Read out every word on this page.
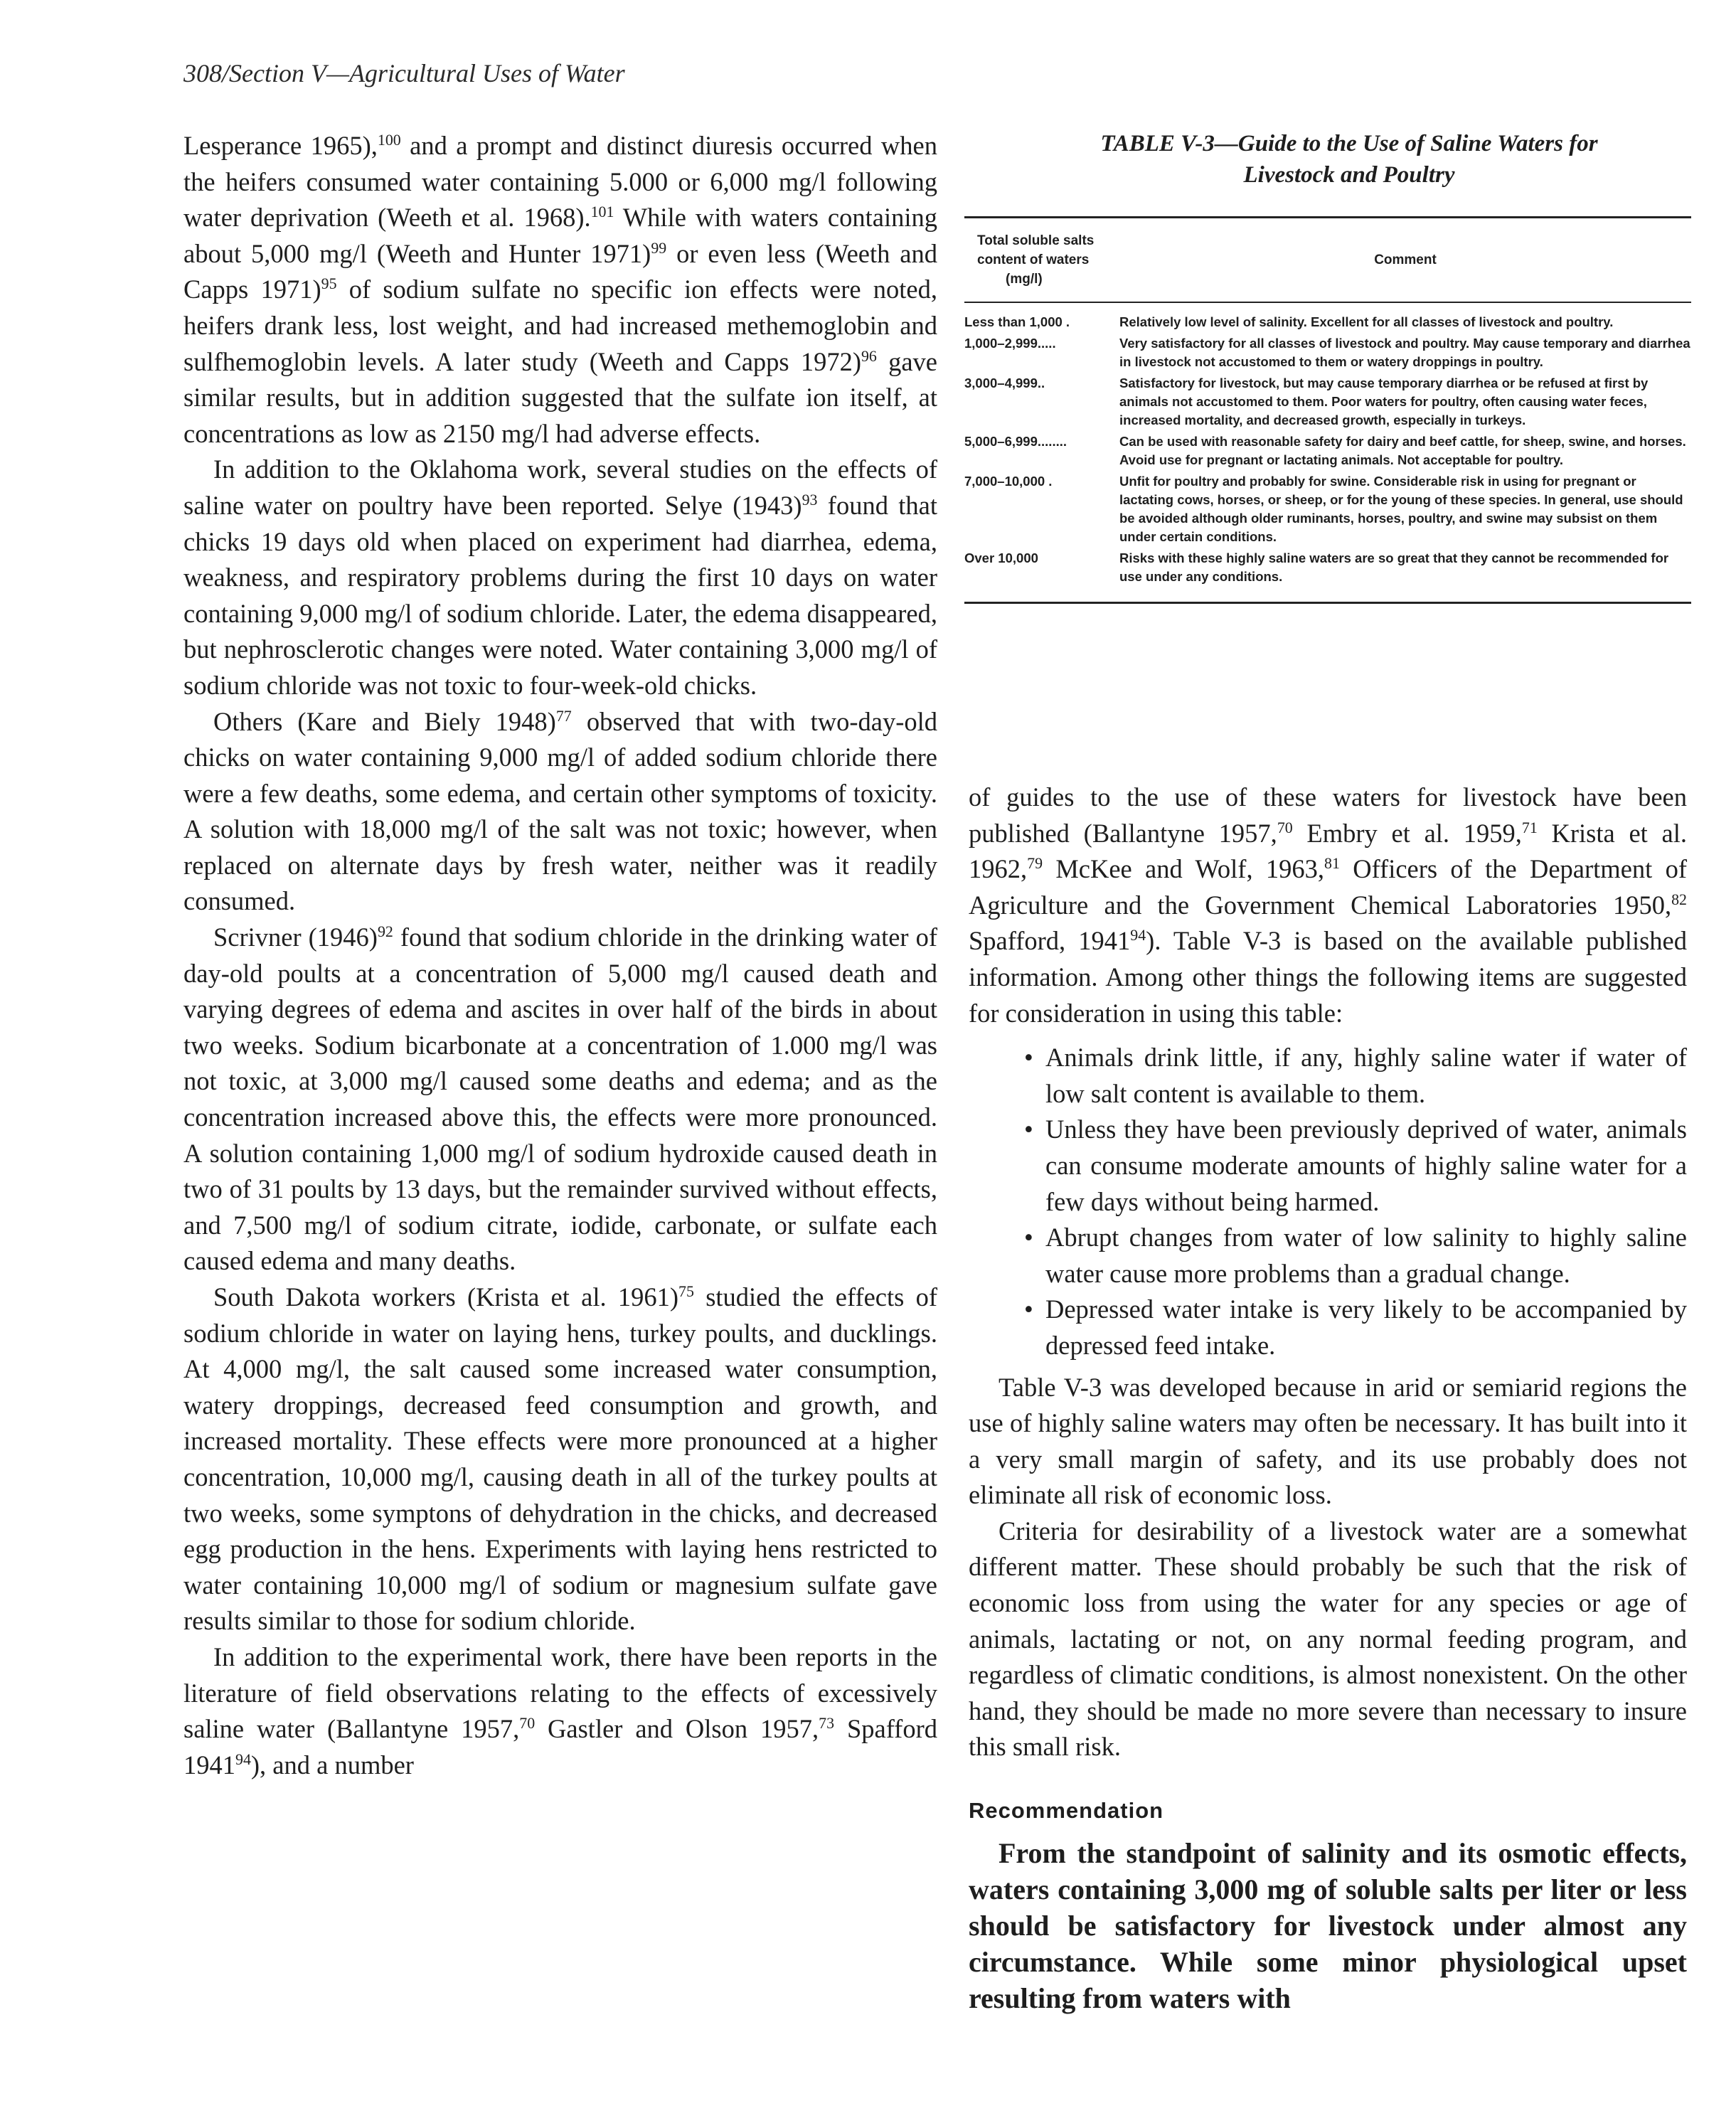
308/Section V—Agricultural Uses of Water

Lesperance 1965),$^{100}$ and a prompt and distinct diuresis occurred when the heifers consumed water containing 5.000 or 6,000 mg/l following water deprivation (Weeth et al. 1968).$^{101}$ While with waters containing about 5,000 mg/l (Weeth and Hunter 1971)$^{99}$ or even less (Weeth and Capps 1971)$^{95}$ of sodium sulfate no specific ion effects were noted, heifers drank less, lost weight, and had increased methemoglobin and sulfhemoglobin levels. A later study (Weeth and Capps 1972)$^{96}$ gave similar results, but in addition suggested that the sulfate ion itself, at concentrations as low as 2150 mg/l had adverse effects.

In addition to the Oklahoma work, several studies on the effects of saline water on poultry have been reported. Selye $(1943)^{93}$ found that chicks 19 days old when placed on experiment had diarrhea, edema, weakness, and respiratory problems during the first 10 days on water containing 9,000 mg/l of sodium chloride. Later, the edema disappeared, but nephrosclerotic changes were noted. Water containing 3,000 mg/l of sodium chloride was not toxic to four-week-old chicks.

Others (Kare and Biely 1948)$^{77}$ observed that with two-day-old chicks on water containing 9,000 mg/l of added sodium chloride there were a few deaths, some edema, and certain other symptoms of toxicity. A solution with 18,000 mg/l of the salt was not toxic; however, when replaced on alternate days by fresh water, neither was it readily consumed.

Scrivner $(1946)^{92}$ found that sodium chloride in the drinking water of day-old poults at a concentration of 5,000 mg/l caused death and varying degrees of edema and ascites in over half of the birds in about two weeks. Sodium bicarbonate at a concentration of 1.000 mg/l was not toxic, at 3,000 mg/l caused some deaths and edema; and as the concentration increased above this, the effects were more pronounced. A solution containing 1,000 mg/l of sodium hydroxide caused death in two of 31 poults by 13 days, but the remainder survived without effects, and 7,500 mg/l of sodium citrate, iodide, carbonate, or sulfate each caused edema and many deaths.

South Dakota workers (Krista et al. 1961)$^{75}$ studied the effects of sodium chloride in water on laying hens, turkey poults, and ducklings. At 4,000 mg/l, the salt caused some increased water consumption, watery droppings, decreased feed consumption and growth, and increased mortality. These effects were more pronounced at a higher concentration, 10,000 mg/l, causing death in all of the turkey poults at two weeks, some symptons of dehydration in the chicks, and decreased egg production in the hens. Experiments with laying hens restricted to water containing 10,000 mg/l of sodium or magnesium sulfate gave results similar to those for sodium chloride.

In addition to the experimental work, there have been reports in the literature of field observations relating to the effects of excessively saline water (Ballantyne 1957,70 Gastler and Olson 1957,73 Spafford 1941$^{94}$), and a number

TABLE V-3—Guide to the Use of Saline Waters for
Livestock and Poultry
Total soluble salts
content of waters
(mg/l)	Comment

Less than 1,000 .	Relatively low level of salinity. Excellent for all classes of livestock and poultry.
1,000–2,999.....	Very satisfactory for all classes of livestock and poultry. May cause temporary and diarrhea in livestock not accustomed to them or watery droppings in poultry.
3,000–4,999..	Satisfactory for livestock, but may cause temporary diarrhea or be refused at first by animals not accustomed to them. Poor waters for poultry, often causing water feces, increased mortality, and decreased growth, especially in turkeys.
5,000–6,999........	Can be used with reasonable safety for dairy and beef cattle, for sheep, swine, and horses. Avoid use for pregnant or lactating animals. Not acceptable for poultry.
7,000–10,000 .	Unfit for poultry and probably for swine. Considerable risk in using for pregnant or lactating cows, horses, or sheep, or for the young of these species. In general, use should be avoided although older ruminants, horses, poultry, and swine may subsist on them under certain conditions.
Over 10,000	Risks with these highly saline waters are so great that they cannot be recommended for use under any conditions.

of guides to the use of these waters for livestock have been published (Ballantyne 1957,70 Embry et al. 1959,71 Krista et al. 1962,79 McKee and Wolf, 1963,81 Officers of the Department of Agriculture and the Government Chemical Laboratories 1950,82 Spafford, 1941$^{94}$). Table V-3 is based on the available published information. Among other things the following items are suggested for consideration in using this table:

• Animals drink little, if any, highly saline water if water of low salt content is available to them.
• Unless they have been previously deprived of water, animals can consume moderate amounts of highly saline water for a few days without being harmed.
• Abrupt changes from water of low salinity to highly saline water cause more problems than a gradual change.
• Depressed water intake is very likely to be accompanied by depressed feed intake.

Table V-3 was developed because in arid or semiarid regions the use of highly saline waters may often be necessary. It has built into it a very small margin of safety, and its use probably does not eliminate all risk of economic loss.

Criteria for desirability of a livestock water are a somewhat different matter. These should probably be such that the risk of economic loss from using the water for any species or age of animals, lactating or not, on any normal feeding program, and regardless of climatic conditions, is almost nonexistent. On the other hand, they should be made no more severe than necessary to insure this small risk.

Recommendation

From the standpoint of salinity and its osmotic effects, waters containing 3,000 mg of soluble salts per liter or less should be satisfactory for livestock under almost any circumstance. While some minor physiological upset resulting from waters with
